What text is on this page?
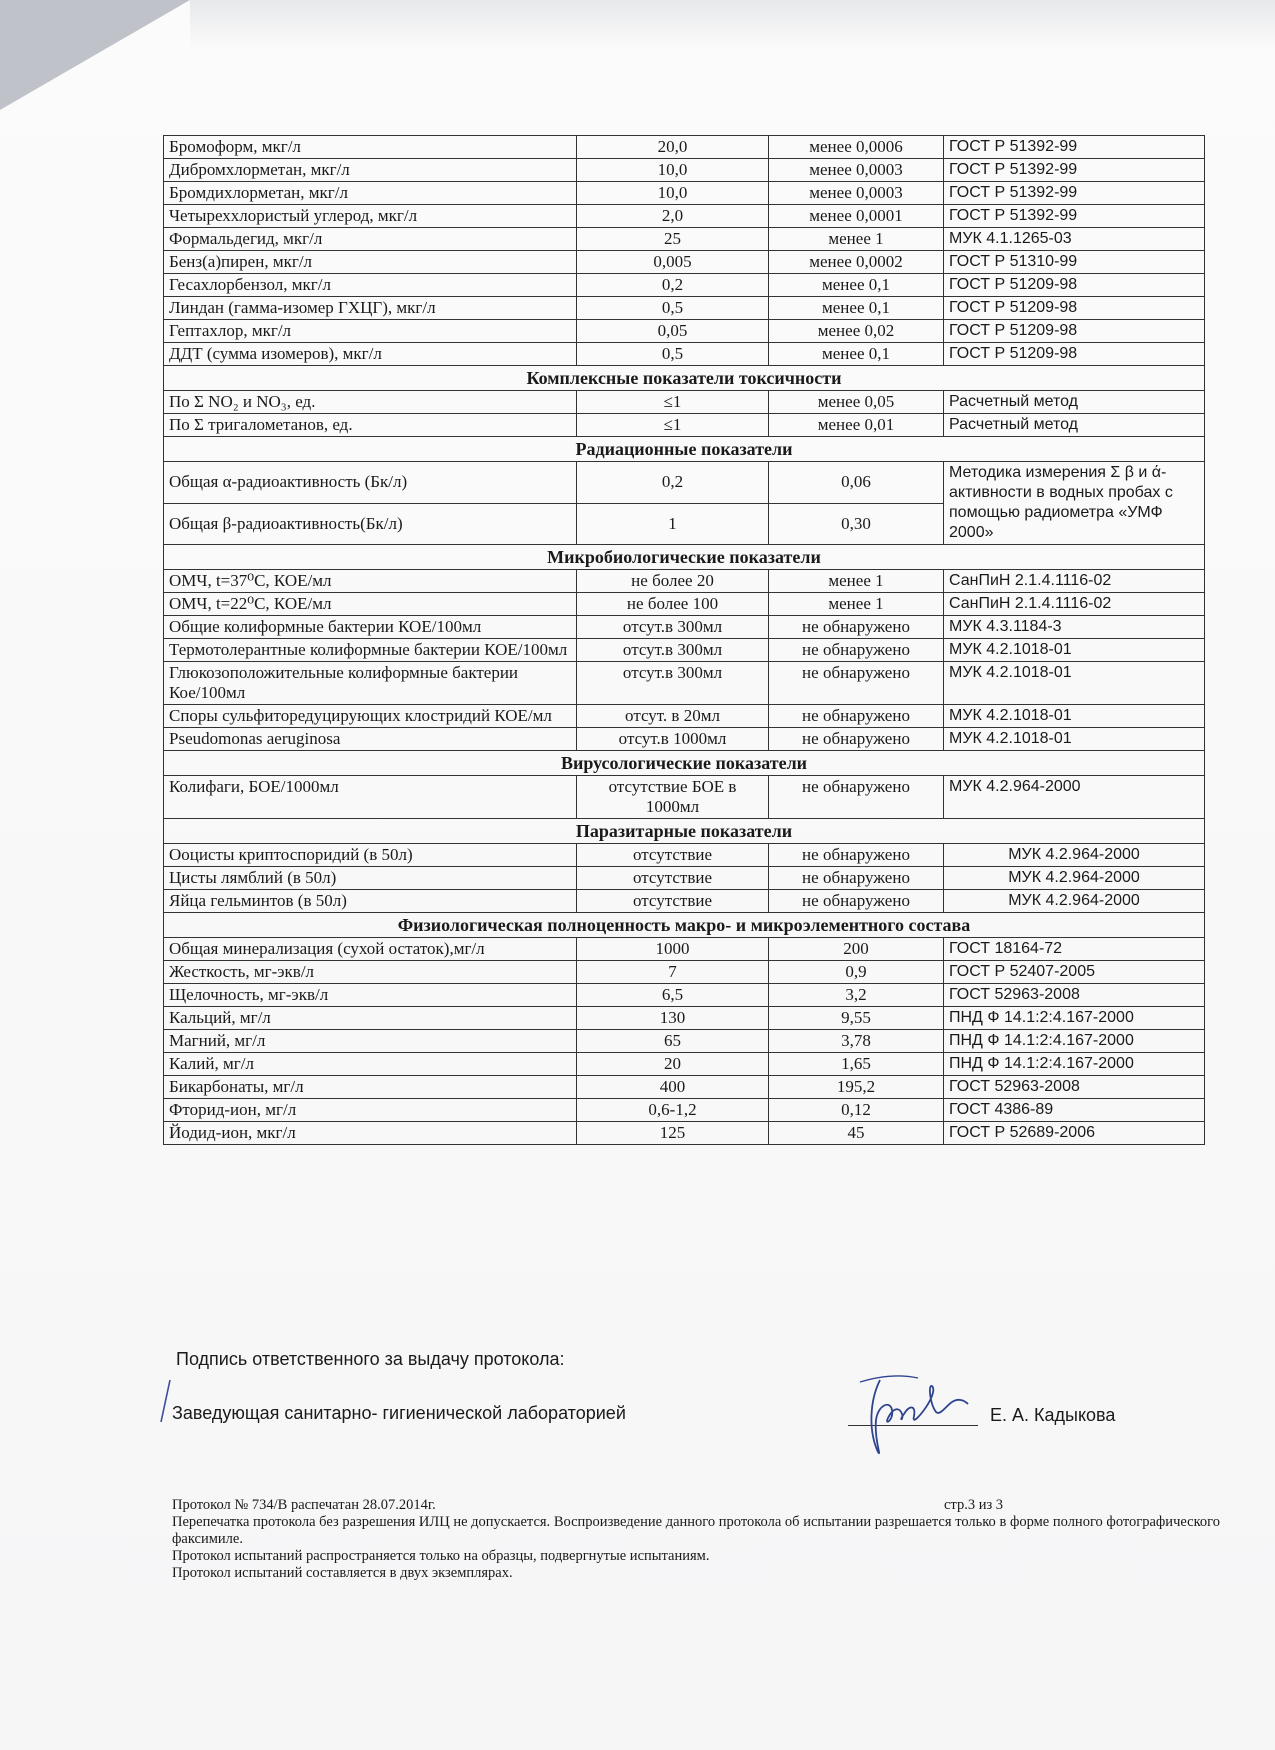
Бромоформ, мкг/л	20,0	менее 0,0006	ГОСТ Р 51392-99
Дибромхлорметан, мкг/л	10,0	менее 0,0003	ГОСТ Р 51392-99
Бромдихлорметан, мкг/л	10,0	менее 0,0003	ГОСТ Р 51392-99
Четыреххлористый углерод, мкг/л	2,0	менее 0,0001	ГОСТ Р 51392-99
Формальдегид, мкг/л	25	менее 1	МУК 4.1.1265-03
Бенз(а)пирен, мкг/л	0,005	менее 0,0002	ГОСТ Р 51310-99
Гесахлорбензол, мкг/л	0,2	менее 0,1	ГОСТ Р 51209-98
Линдан (гамма-изомер ГХЦГ), мкг/л	0,5	менее 0,1	ГОСТ Р 51209-98
Гептахлор, мкг/л	0,05	менее 0,02	ГОСТ Р 51209-98
ДДТ (сумма изомеров), мкг/л	0,5	менее 0,1	ГОСТ Р 51209-98
Комплексные показатели токсичности			
По Σ NO₂ и NO₃, ед.	≤1	менее 0,05	Расчетный метод
По Σ тригалометанов, ед.	≤1	менее 0,01	Расчетный метод
Радиационные показатели			
Общая α-радиоактивность (Бк/л)	0,2	0,06	Методика измерения Σ β и ά-активности в водных пробах с помощью радиометра «УМФ 2000»
Общая β-радиоактивность(Бк/л)	1	0,30	
Микробиологические показатели			
ОМЧ, t=37⁰С, КОЕ/мл	не более 20	менее 1	СанПиН 2.1.4.1116-02
ОМЧ, t=22⁰С, КОЕ/мл	не более 100	менее 1	СанПиН 2.1.4.1116-02
Общие колиформные бактерии КОЕ/100мл	отсут.в 300мл	не обнаружено	МУК 4.3.1184-3
Термотолерантные колиформные бактерии КОЕ/100мл	отсут.в 300мл	не обнаружено	МУК 4.2.1018-01
Глюкозоположительные колиформные бактерии Кое/100мл	отсут.в 300мл	не обнаружено	МУК 4.2.1018-01
Споры сульфиторедуцирующих клостридий КОЕ/мл	отсут. в 20мл	не обнаружено	МУК 4.2.1018-01
Pseudomonas aeruginosa	отсут.в 1000мл	не обнаружено	МУК 4.2.1018-01
Вирусологические показатели			
Колифаги, БОЕ/1000мл	отсутствие БОЕ в 1000мл	не обнаружено	МУК 4.2.964-2000
Паразитарные показатели			
Ооцисты криптоспоридий (в 50л)	отсутствие	не обнаружено	МУК 4.2.964-2000
Цисты лямблий (в 50л)	отсутствие	не обнаружено	МУК 4.2.964-2000
Яйца гельминтов (в 50л)	отсутствие	не обнаружено	МУК 4.2.964-2000
Физиологическая полноценность макро- и микроэлементного состава			
Общая минерализация (сухой остаток),мг/л	1000	200	ГОСТ 18164-72
Жесткость, мг-экв/л	7	0,9	ГОСТ Р 52407-2005
Щелочность, мг-экв/л	6,5	3,2	ГОСТ 52963-2008
Кальций, мг/л	130	9,55	ПНД Ф 14.1:2:4.167-2000
Магний, мг/л	65	3,78	ПНД Ф 14.1:2:4.167-2000
Калий, мг/л	20	1,65	ПНД Ф 14.1:2:4.167-2000
Бикарбонаты, мг/л	400	195,2	ГОСТ 52963-2008
Фторид-ион, мг/л	0,6-1,2	0,12	ГОСТ 4386-89
Йодид-ион, мкг/л	125	45	ГОСТ Р 52689-2006
Подпись ответственного за выдачу протокола:
Заведующая санитарно- гигиенической лабораторией	Е. А. Кадыкова
Протокол № 734/В распечатан 28.07.2014г.	стр.3 из 3
Перепечатка протокола без разрешения ИЛЦ не допускается. Воспроизведение данного протокола об испытании разрешается только в форме полного фотографического факсимиле.
Протокол испытаний распространяется только на образцы, подвергнутые испытаниям.
Протокол испытаний составляется в двух экземплярах.
